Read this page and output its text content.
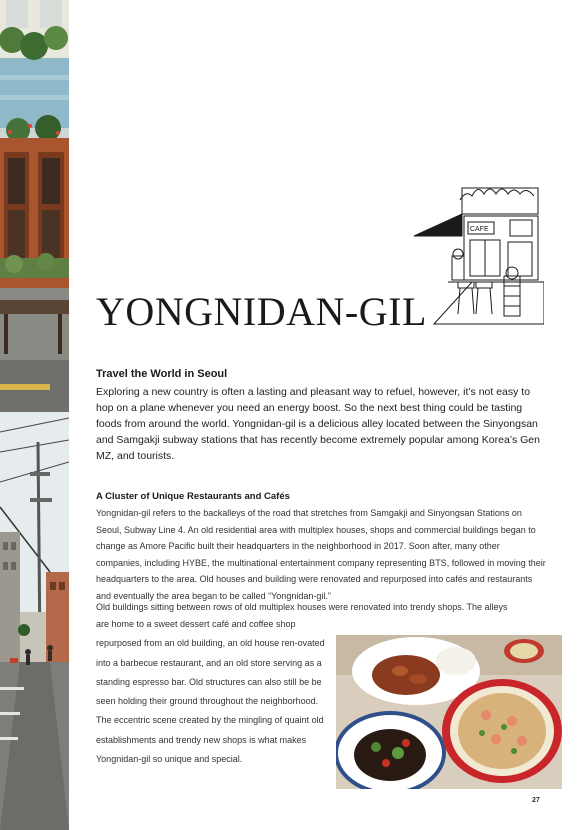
CAFE
YONGNIDAN-GIL
Travel the World in Seoul

Exploring a new country is often a lasting and pleasant way to refuel, however, it’s not easy to hop on a plane whenever you need an energy boost. So the next best thing could be tasting foods from around the world. Yongnidan-gil is a delicious alley located between the Sinyongsan and Samgakji subway stations that has recently become extremely popular among Korea’s Gen MZ, and tourists.

A Cluster of Unique Restaurants and Cafés

Yongnidan-gil refers to the backalleys of the road that stretches from Samgakji and Sinyongsan Stations on Seoul, Subway Line 4. An old residential area with multiplex houses, shops and commercial buildings began to change as Amore Pacific built their headquarters in the neighborhood in 2017. Soon after, many other companies, including HYBE, the multinational entertainment company representing BTS, followed in moving their headquarters to the area. Old houses and building were renovated and repurposed into cafés and restaurants and eventually the area began to be called “Yongnidan-gil.”

Old buildings sitting between rows of old multiplex houses were renovated into trendy shops. The alleys

are home to a sweet dessert café and coffee shop repurposed from an old building, an old house ren-ovated into a barbecue restaurant, and an old store serving as a standing espresso bar. Old structures can also still be be seen holding their ground throughout the neighborhood. The eccentric scene created by the mingling of quaint old establishments and trendy new shops is what makes Yongnidan-gil so unique and special.

27
